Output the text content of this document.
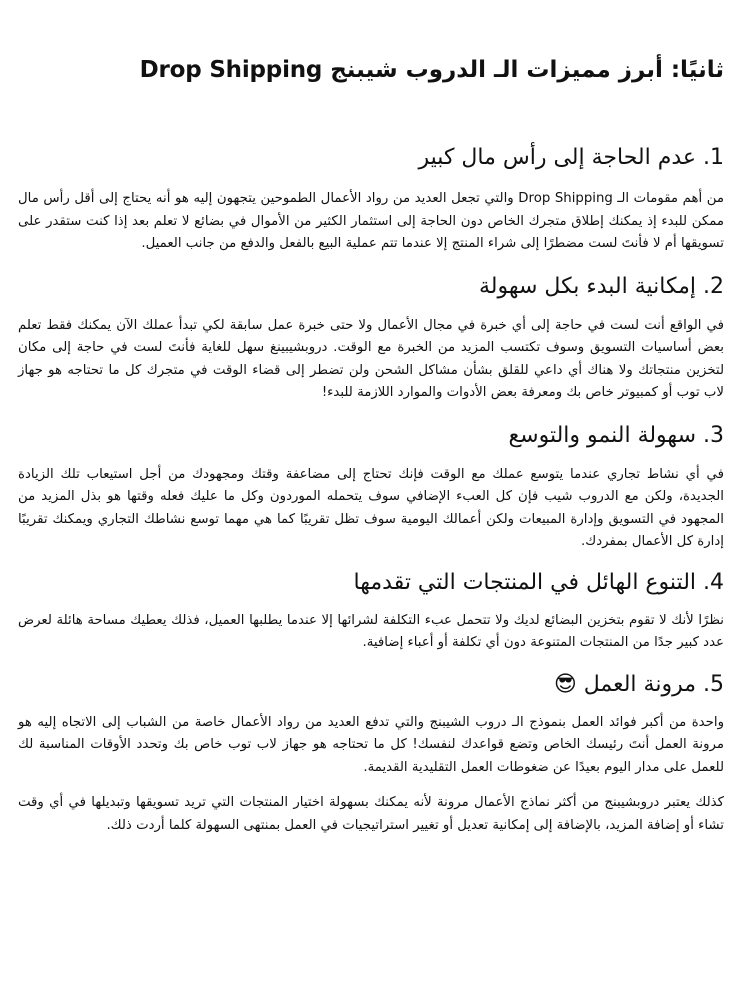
ثانيًا: أبرز مميزات الـ الدروب شيبنج Drop Shipping
1. عدم الحاجة إلى رأس مال كبير

من أهم مقومات الـ Drop Shipping والتي تجعل العديد من رواد الأعمال الطموحين يتجهون إليه هو أنه يحتاج إلى أقل رأس مال ممكن للبدء إذ يمكنك إطلاق متجرك الخاص دون الحاجة إلى استثمار الكثير من الأموال في بضائع لا تعلم بعد إذا كنت ستقدر على تسويقها أم لا فأنتَ لست مضطرًا إلى شراء المنتج إلا عندما تتم عملية البيع بالفعل والدفع من جانب العميل.

2. إمكانية البدء بكل سهولة

في الواقع أنت لست في حاجة إلى أي خبرة في مجال الأعمال ولا حتى خبرة عمل سابقة لكي تبدأ عملك الآن يمكنك فقط تعلم بعض أساسيات التسويق وسوف تكتسب المزيد من الخبرة مع الوقت. دروبشيبينغ سهل للغاية فأنتَ لست في حاجة إلى مكان لتخزين منتجاتك ولا هناك أي داعي للقلق بشأن مشاكل الشحن ولن تضطر إلى قضاء الوقت في متجرك كل ما تحتاجه هو جهاز لاب توب أو كمبيوتر خاص بك ومعرفة بعض الأدوات والموارد اللازمة للبدء!

3. سهولة النمو والتوسع

في أي نشاط تجاري عندما يتوسع عملك مع الوقت فإنك تحتاج إلى مضاعفة وقتك ومجهودك من أجل استيعاب تلك الزيادة الجديدة، ولكن مع الدروب شيب فإن كل العبء الإضافي سوف يتحمله الموردون وكل ما عليك فعله وقتها هو بذل المزيد من المجهود في التسويق وإدارة المبيعات ولكن أعمالك اليومية سوف تظل تقريبًا كما هي مهما توسع نشاطك التجاري ويمكنك تقريبًا إدارة كل الأعمال بمفردك.

4. التنوع الهائل في المنتجات التي تقدمها

نظرًا لأنك لا تقوم بتخزين البضائع لديك ولا تتحمل عبء التكلفة لشرائها إلا عندما يطلبها العميل، فذلك يعطيك مساحة هائلة لعرض عدد كبير جدًا من المنتجات المتنوعة دون أي تكلفة أو أعباء إضافية.

5. مرونة العمل 😎

واحدة من أكبر فوائد العمل بنموذج الـ دروب الشيبنج والتي تدفع العديد من رواد الأعمال خاصة من الشباب إلى الاتجاه إليه هو مرونة العمل أنتَ رئيسك الخاص وتضع قواعدك لنفسك! كل ما تحتاجه هو جهاز لاب توب خاص بك وتحدد الأوقات المناسبة لك للعمل على مدار اليوم بعيدًا عن ضغوطات العمل التقليدية القديمة.

كذلك يعتبر دروبشيبنج من أكثر نماذج الأعمال مرونة لأنه يمكنك بسهولة اختيار المنتجات التي تريد تسويقها وتبديلها في أي وقت تشاء أو إضافة المزيد، بالإضافة إلى إمكانية تعديل أو تغيير استراتيجيات في العمل بمنتهى السهولة كلما أردت ذلك.
